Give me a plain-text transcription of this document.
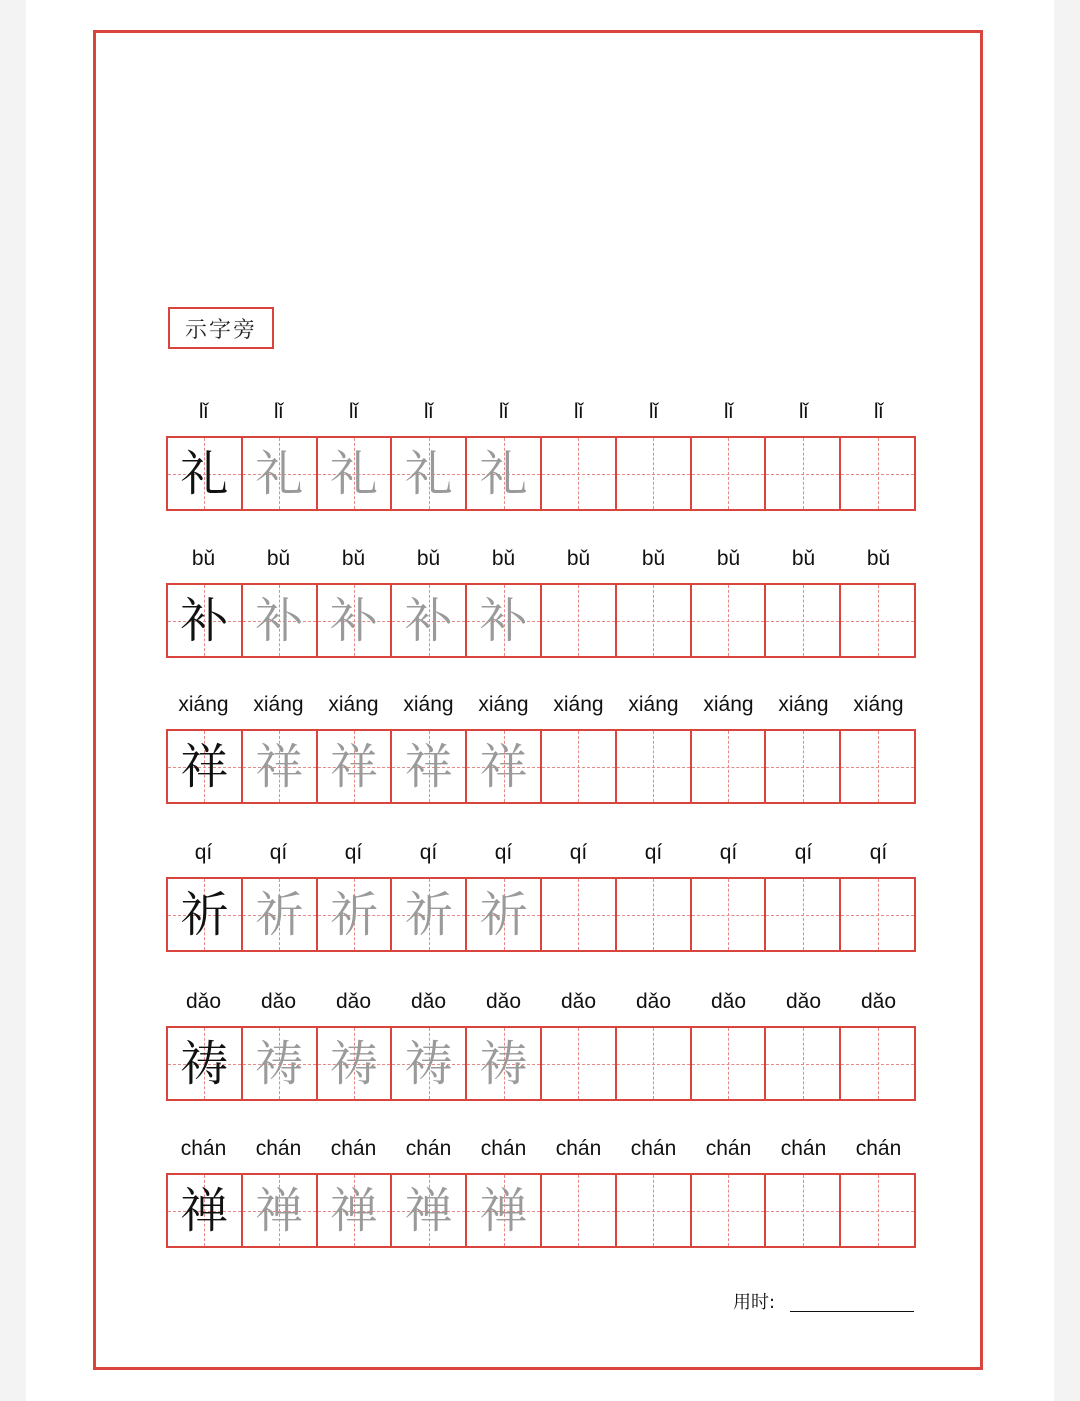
示字旁
lǐ	lǐ	lǐ	lǐ	lǐ	lǐ	lǐ	lǐ	lǐ	lǐ
礼 礼 礼 礼 礼
bǔ	bǔ	bǔ	bǔ	bǔ	bǔ	bǔ	bǔ	bǔ	bǔ
补 补 补 补 补
xiáng	xiáng	xiáng	xiáng	xiáng	xiáng	xiáng	xiáng	xiáng	xiáng
祥 祥 祥 祥 祥
qí	qí	qí	qí	qí	qí	qí	qí	qí	qí
祈 祈 祈 祈 祈
dǎo	dǎo	dǎo	dǎo	dǎo	dǎo	dǎo	dǎo	dǎo	dǎo
祷 祷 祷 祷 祷
chán	chán	chán	chán	chán	chán	chán	chán	chán	chán
禅 禅 禅 禅 禅
用时:
